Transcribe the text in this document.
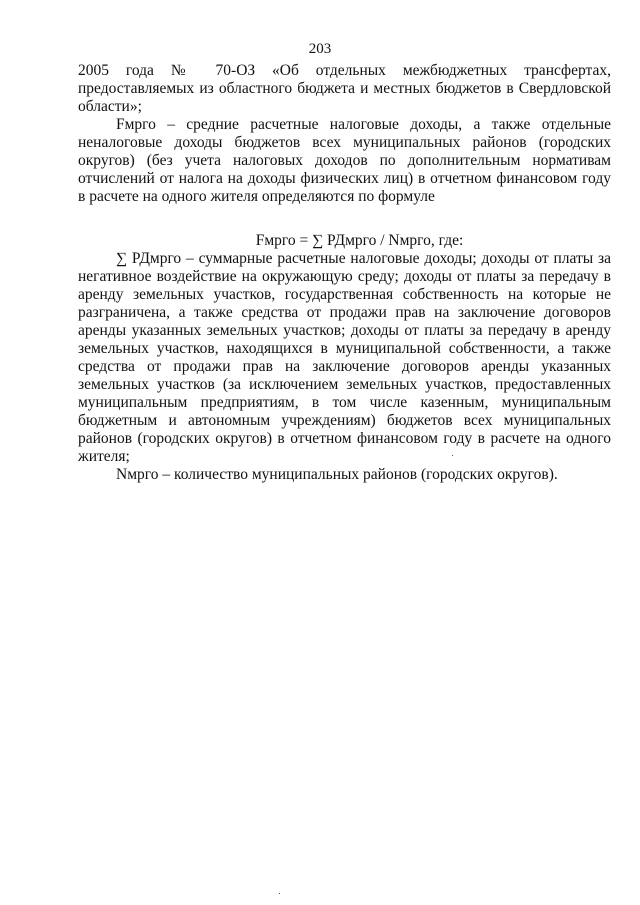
203

2005 года № 70-ОЗ «Об отдельных межбюджетных трансфертах, предоставляемых из областного бюджета и местных бюджетов в Свердловской области»;

Fмрго – средние расчетные налоговые доходы, а также отдельные неналоговые доходы бюджетов всех муниципальных районов (городских округов) (без учета налоговых доходов по дополнительным нормативам отчислений от налога на доходы физических лиц) в отчетном финансовом году в расчете на одного жителя определяются по формуле

Fмрго = ∑ РДмрго / Nмрго, где:

∑ РДмрго – суммарные расчетные налоговые доходы; доходы от платы за негативное воздействие на окружающую среду; доходы от платы за передачу в аренду земельных участков, государственная собственность на которые не разграничена, а также средства от продажи прав на заключение договоров аренды указанных земельных участков; доходы от платы за передачу в аренду земельных участков, находящихся в муниципальной собственности, а также средства от продажи прав на заключение договоров аренды указанных земельных участков (за исключением земельных участков, предоставленных муниципальным предприятиям, в том числе казенным, муниципальным бюджетным и автономным учреждениям) бюджетов всех муниципальных районов (городских округов) в отчетном финансовом году в расчете на одного жителя;

Nмрго – количество муниципальных районов (городских округов).
